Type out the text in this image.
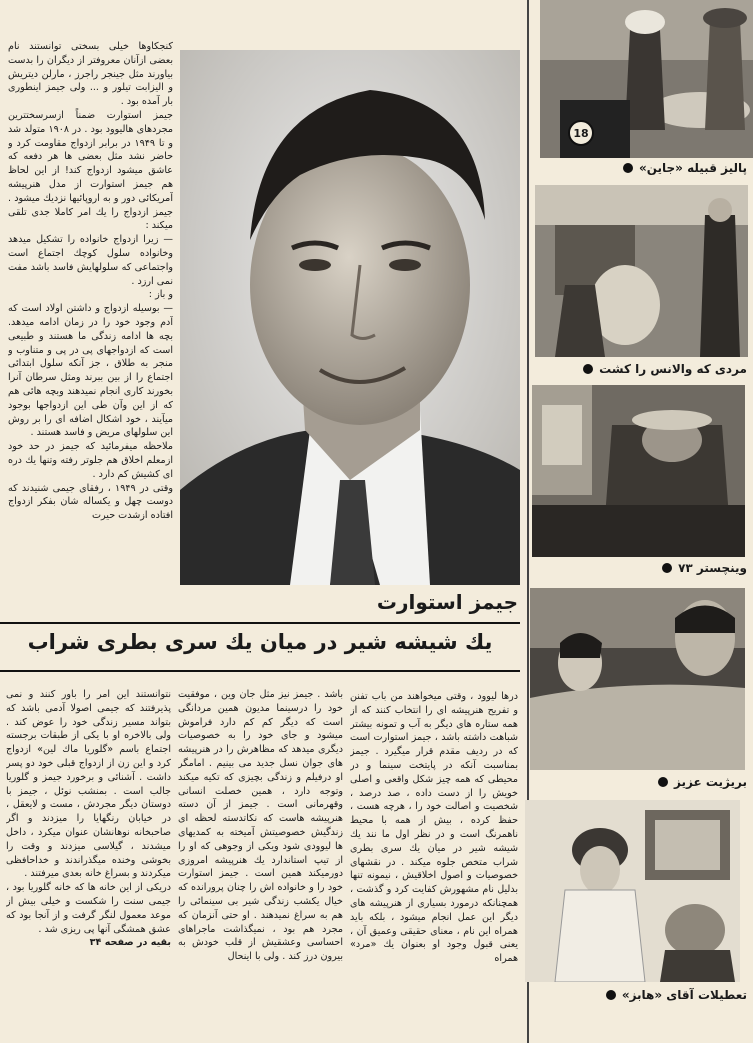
کنجکاوها خیلی بسختی توانستند نام بعضی ازآنان معروفتر از دیگران را بدست بیاورند مثل جینجر راجرز ، مارلن دیتریش و الیزابت تیلور و ... ولی جیمز اینطوری بار آمده بود .

جیمز استوارت ضمناً ازسرسختترین مجردهای هالیوود بود . در ۱۹۰۸ متولد شد و تا ۱۹۴۹ در برابر ازدواج مقاومت کرد و حاضر نشد مثل بعضی ها هر دفعه که عاشق میشود ازدواج کند! از این لحاظ هم جیمز استوارت از مدل هنرپیشه آمریکائی دور و به اروپائیها نزدیك میشود . جیمز ازدواج را یك امر کاملا جدی تلقی میکند :

— زیرا ازدواج خانواده را تشکیل میدهد وخانواده سلول کوچك اجتماع است واجتماعی که سلولهایش فاسد باشد مفت نمی ارزد .

و باز :

— بوسیله ازدواج و داشتن اولاد است که آدم وجود خود را در زمان ادامه میدهد. بچه ها ادامه زندگی ما هستند و طبیعی است که ازدواجهای پی در پی و متناوب و منجر به طلاق ، جز آنکه سلول ابتدائی اجتماع را از بین ببرند ومثل سرطان آنرا بخورند کاری انجام نمیدهند وبچه هائی هم که از این وآن طی این ازدواجها بوجود میآیند ، خود اشکال اضافه ای را بر روش این سلولهای مریض و فاسد هستند .

ملاحظه میفرمائید که جیمز در حد خود ازمعلم اخلاق هم جلوتر رفته وتنها یك دره ای کشیش کم دارد .

وقتی در ۱۹۴۹ ، رفقای جیمی شنیدند که دوست چهل و یکساله شان بفکر ازدواج افتاده ازشدت حیرت

جیمز استوارت
یك شیشه شیر در میان یك سری بطری شراب

درها لیوود ، وقتی میخواهند من باب تفنن و تفریح هنرپیشه ای را انتخاب کنند که از همه ستاره های دیگر به آب و تمونه بیشتر شباهت داشته باشد ، جیمز استوارت است که در ردیف مقدم قرار میگیرد . جیمز بمناسبت آنکه در پایتخت سینما و در محیطی که همه چیز شکل واقعی و اصلی خویش را از دست داده ، صد درصد ، شخصیت و اصالت خود را ، هرچه هست ، حفظ کرده ، بیش از همه با محیط ناهمرنگ است و در نظر اول ما نند یك شیشه شیر در میان یك سری بطری شراب متخص جلوه میکند . در نقشهای خصوصیات و اصول اخلاقیش ، نیمونه تنها بدلیل نام مشهورش کفایت کرد و گذشت ، همچنانکه درمورد بسیاری از هنرپیشه های دیگر این عمل انجام میشود ، بلکه باید همراه این نام ، معنای حقیقی وعمیق آن ، یعنی قبول وجود او بعنوان یك «مرد» همراه

باشد . جیمز نیز مثل جان وین ، موفقیت خود را درسینما مدیون همین مردانگی است که دیگر کم کم دارد فراموش میشود و جای خود را به خصوصیات دیگری میدهد که مظاهرش را در هنرپیشه های جوان نسل جدید می بینیم . امامگر او درفیلم و زندگی بچیزی که تکیه میکند وتوجه دارد ، همین خصلت انسانی وقهرمانی است . جیمز از آن دسته هنرپیشه هاست که نکاتدسته لحظه ای زندگیش خصوصیتش آمیخته به کمدیهای ها لیوودی شود ویکی از وجوهی که او را از تیپ استاندارد یك هنرپیشه امروزی دورمیکند همین است . جیمز استوارت خود را و خانواده اش را چنان پرورانده که خیال یکشب زندگی شیر بی سینمائی را هم به سراغ نمیدهند . او حتی آنزمان که مجرد هم بود ، نمیگذاشت ماجراهای احساسی وعشقیش از قلب خودش به بیرون درز کند . ولی با اینحال

نتوانستند این امر را باور کنند و نمی پذیرفتند که جیمی اصولا آدمی باشد که بتواند مسیر زندگی خود را عوض کند . ولی بالاخره او با یکی از طبقات برجسته اجتماع باسم «گلوریا ماك لین» ازدواج کرد و این زن از ازدواج قبلی خود دو پسر داشت . آشنائی و برخورد جیمز و گلوریا جالب است . بمنشب نوئل ، جیمز با دوستان دیگر مجردش ، مست و لایعقل ، در خیابان رنگهایا را میزدند و اگر صاحبخانه نوهانشان عنوان میکرد ، داخل میشدند ، گیلاسی میزدند و وقت را بخوشی وخنده میگذراندند و خداحافظی میکردند و بسراغ خانه بعدی میرفتند .

دریکی از این خانه ها که خانه گلوریا بود ، جیمی سنت را شکست و خیلی بیش از موعد معمول لنگر گرفت و از آنجا بود که عشق همشگی آنها پی ریزی شد .

بقیه در صفحه ۳۴

18
پالیز قبیله «جاین»
مردی که والانس را کشت
وینچستر ۷۳
بریژیت عزیز
تعطیلات آقای «هابز»
